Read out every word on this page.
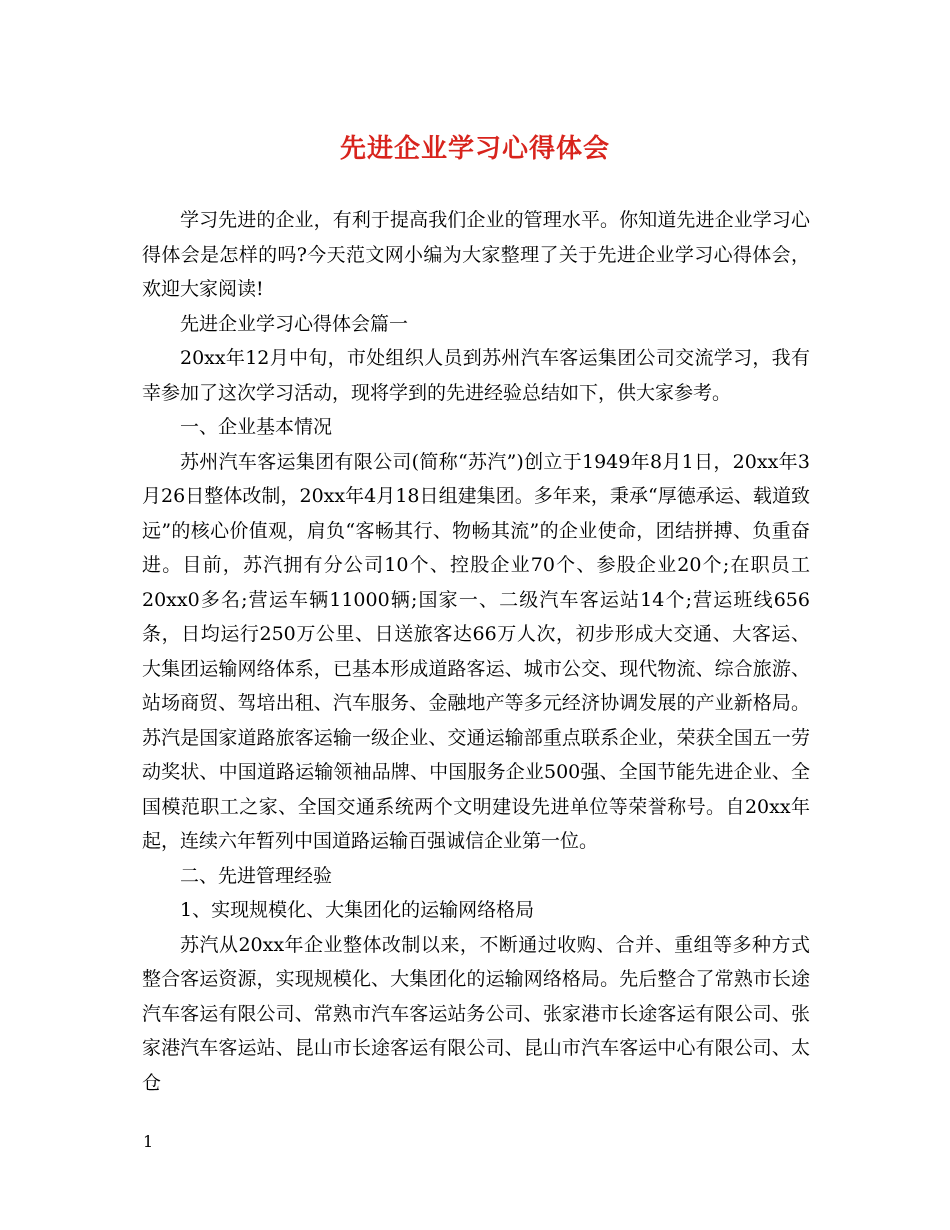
先进企业学习心得体会

学习先进的企业，有利于提高我们企业的管理水平。你知道先进企业学习心得体会是怎样的吗?今天范文网小编为大家整理了关于先进企业学习心得体会，欢迎大家阅读!

先进企业学习心得体会篇一

20xx年12月中旬，市处组织人员到苏州汽车客运集团公司交流学习，我有幸参加了这次学习活动，现将学到的先进经验总结如下，供大家参考。

一、企业基本情况

苏州汽车客运集团有限公司(简称“苏汽”)创立于1949年8月1日，20xx年3月26日整体改制，20xx年4月18日组建集团。多年来，秉承“厚德承运、载道致远”的核心价值观，肩负“客畅其行、物畅其流”的企业使命，团结拼搏、负重奋进。目前，苏汽拥有分公司10个、控股企业70个、参股企业20个;在职员工20xx0多名;营运车辆11000辆;国家一、二级汽车客运站14个;营运班线656条，日均运行250万公里、日送旅客达66万人次，初步形成大交通、大客运、大集团运输网络体系，已基本形成道路客运、城市公交、现代物流、综合旅游、站场商贸、驾培出租、汽车服务、金融地产等多元经济协调发展的产业新格局。苏汽是国家道路旅客运输一级企业、交通运输部重点联系企业，荣获全国五一劳动奖状、中国道路运输领袖品牌、中国服务企业500强、全国节能先进企业、全国模范职工之家、全国交通系统两个文明建设先进单位等荣誉称号。自20xx年起，连续六年暂列中国道路运输百强诚信企业第一位。

二、先进管理经验

1、实现规模化、大集团化的运输网络格局

苏汽从20xx年企业整体改制以来，不断通过收购、合并、重组等多种方式整合客运资源，实现规模化、大集团化的运输网络格局。先后整合了常熟市长途汽车客运有限公司、常熟市汽车客运站务公司、张家港市长途客运有限公司、张家港汽车客运站、昆山市长途客运有限公司、昆山市汽车客运中心有限公司、太仓

1
